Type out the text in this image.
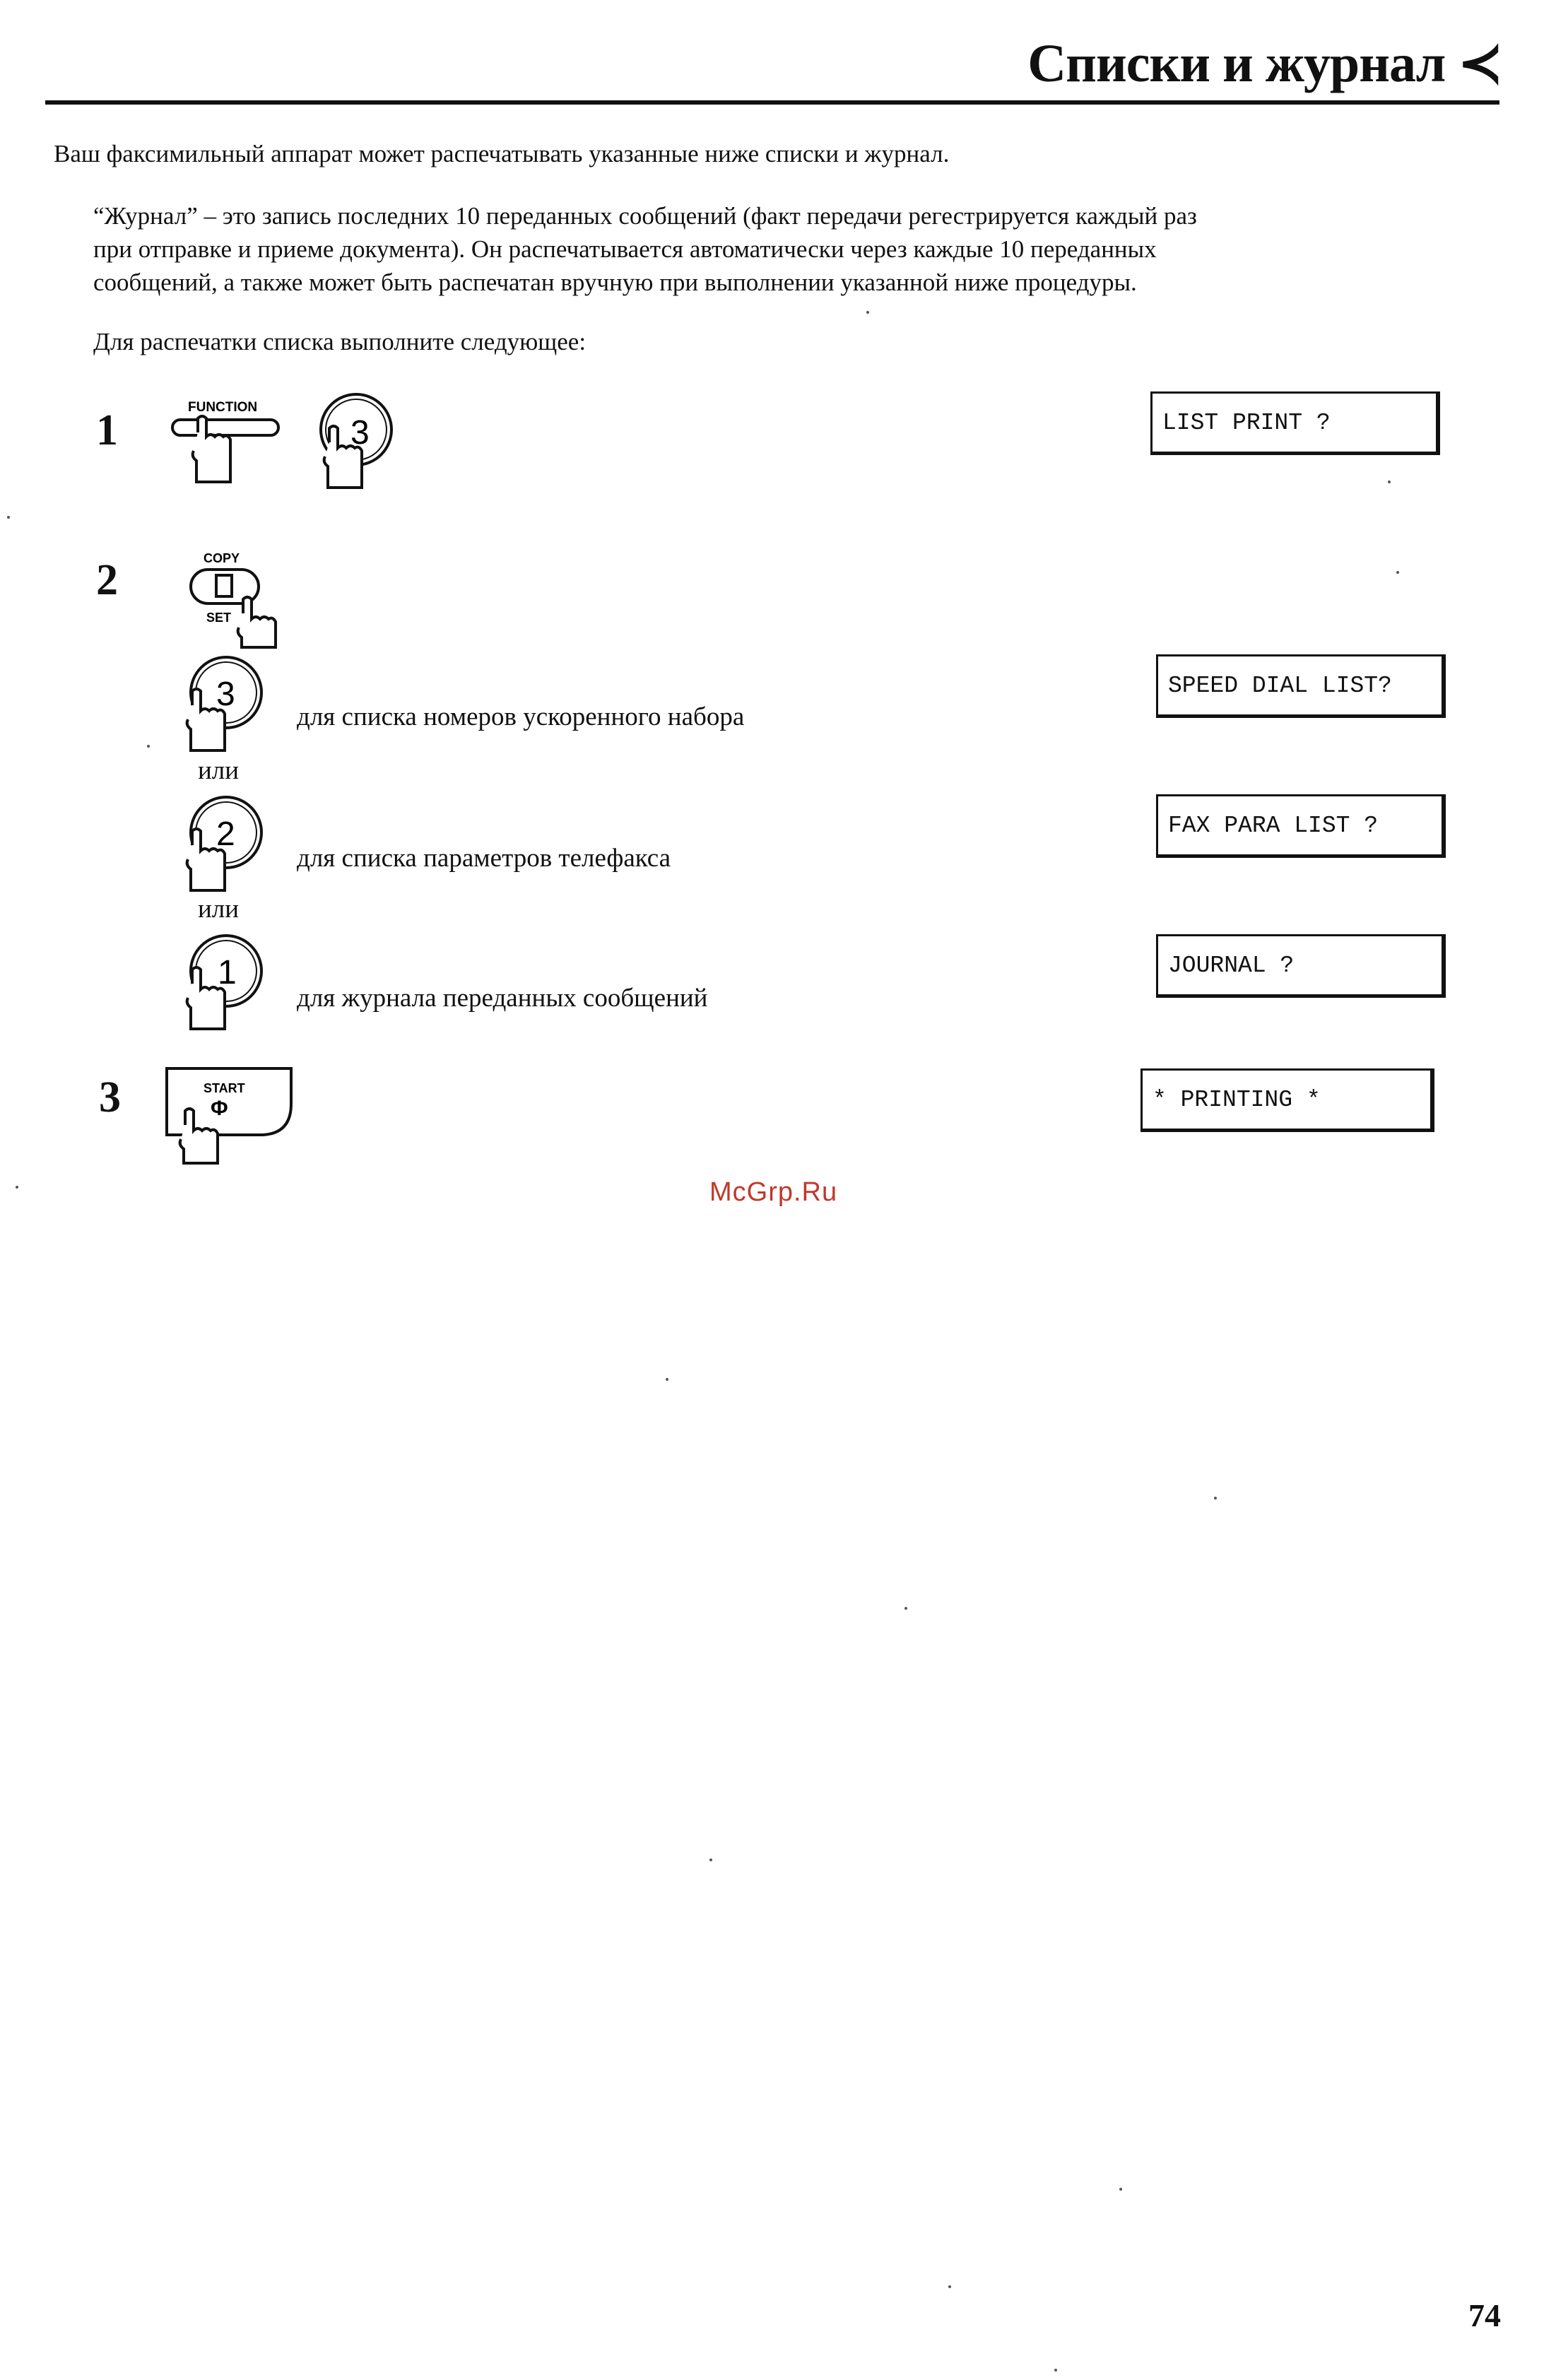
Списки и журнал ≺
Ваш факсимильный аппарат может распечатывать указанные ниже списки и журнал.
“Журнал” – это запись последних 10 переданных сообщений (факт передачи регестрируется каждый раз
при отправке и приеме документа). Он распечатывается автоматически через каждые 10 переданных
сообщений, а также может быть распечатан вручную при выполнении указанной ниже процедуры.
Для распечатки списка выполните следующее:
1	FUNCTION
3	LIST PRINT ?
2	COPY
SET
3
для списка номеров ускоренного набора
SPEED DIAL LIST?
или
2
для списка параметров телефакса
FAX PARA LIST ?
или
1
для журнала переданных сообщений
JOURNAL ?
3	START
Φ	* PRINTING *
McGrp.Ru
74
